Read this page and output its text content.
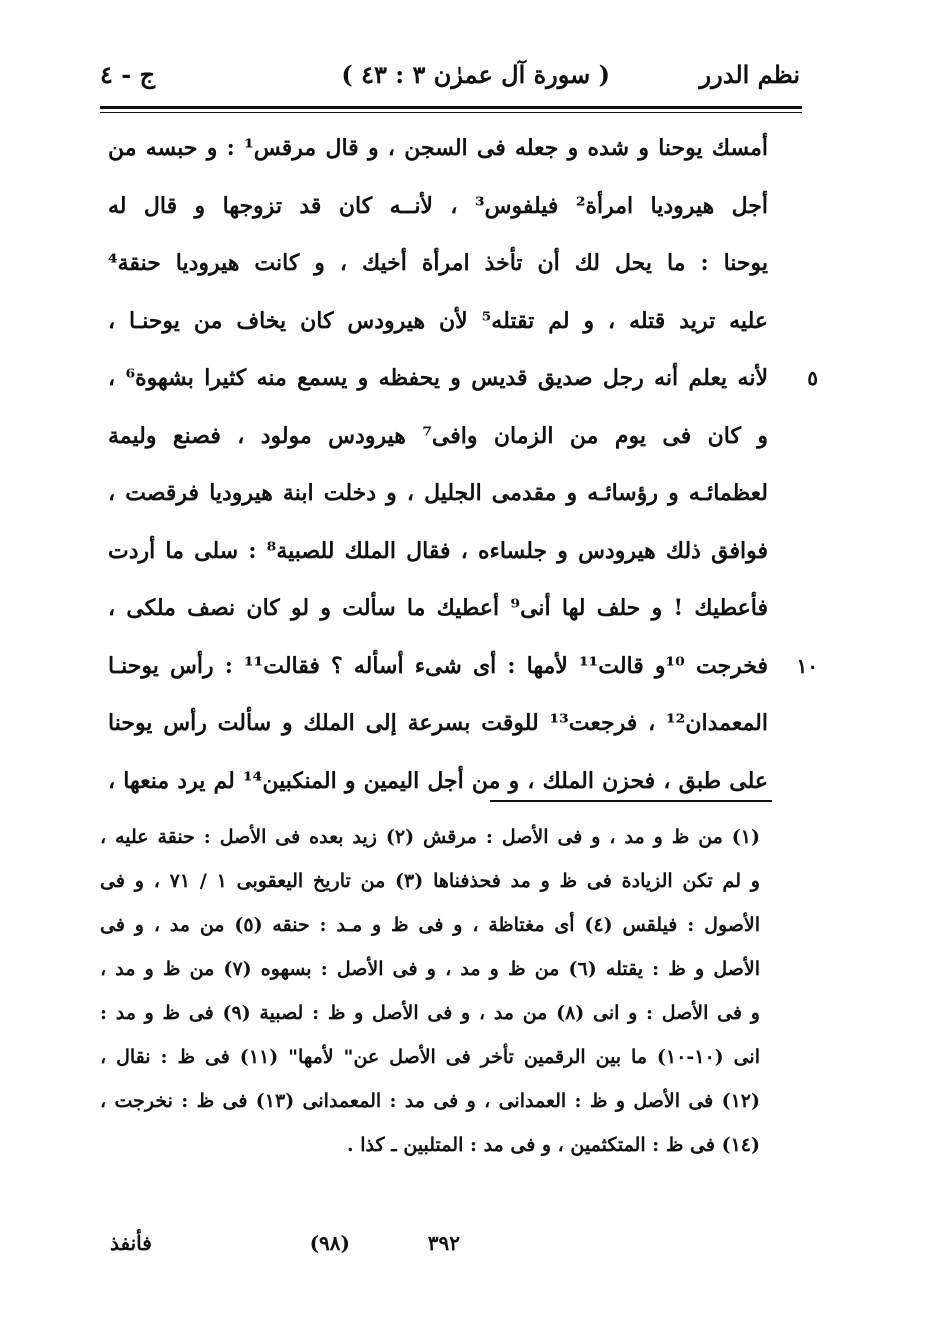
نظم الدرر
( سورة آل عمرٰن ۳ : ٤۳ )
ج - ٤
أمسك يوحنا و شده و جعله فى السجن ، و قال مرقس¹ : و حبسه من
أجل هيروديا امرأة² فيلفوس³ ، لأنــه كان قد تزوجها و قال له
يوحنا : ما يحل لك أن تأخذ امرأة أخيك ، و كانت هيروديا حنقة⁴
عليه تريد قتله ، و لم تقتله⁵ لأن هيرودس كان يخاف من يوحنـا ،
٥
لأنه يعلم أنه رجل صديق قديس و يحفظه و يسمع منه كثيرا بشهوة⁶ ،
و كان فى يوم من الزمان وافى⁷ هيرودس مولود ، فصنع وليمة
لعظمائـه و رؤسائـه و مقدمى الجليل ، و دخلت ابنة هيروديا فرقصت ،
فوافق ذلك هيرودس و جلساءه ، فقال الملك للصبية⁸ : سلى ما أردت
فأعطيك ! و حلف لها أنى⁹ أعطيك ما سألت و لو كان نصف ملكى ،
١٠
فخرجت ¹⁰و قالت¹¹ لأمها : أى شىء أسأله ؟ فقالت¹¹ : رأس يوحنـا
المعمدان¹² ، فرجعت¹³ للوقت بسرعة إلى الملك و سألت رأس يوحنا
على طبق ، فحزن الملك ، و من أجل اليمين و المنكبين¹⁴ لم يرد منعها ،
(١) من ظ و مد ، و فى الأصل : مرقش (٢) زيد بعده فى الأصل : حنقة عليه ،
و لم تكن الزيادة فى ظ و مد فحذفناها (٣) من تاريخ اليعقوبى ١ / ٧١ ، و فى
الأصول : فيلقس (٤) أى مغتاظة ، و فى ظ و مـد : حنقه (٥) من مد ، و فى
الأصل و ظ : يقتله (٦) من ظ و مد ، و فى الأصل : بسهوه (٧) من ظ و مد ،
و فى الأصل : و انى (٨) من مد ، و فى الأصل و ظ : لصبية (٩) فى ظ و مد :
انى (١٠-١٠) ما بين الرقمين تأخر فى الأصل عن" لأمها" (١١) فى ظ : نقال ،
(١٢) فى الأصل و ظ : العمدانى ، و فى مد : المعمدانى (١٣) فى ظ : نخرجت ،
(١٤) فى ظ : المتكثمين ، و فى مد : المتلبين ـ كذا .
٣٩٢
(٩٨)
فأنفذ
